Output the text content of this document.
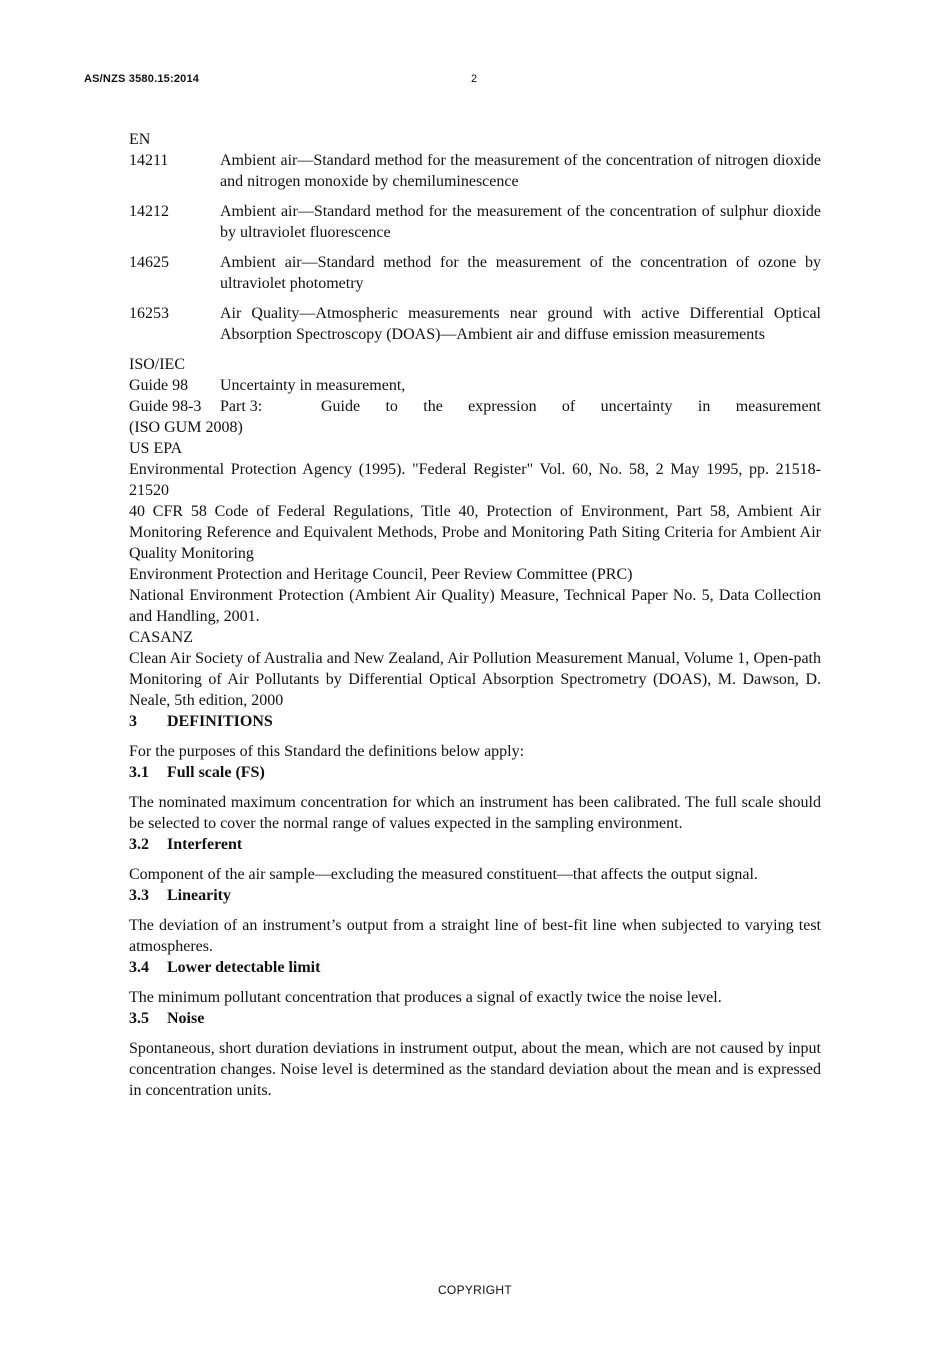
AS/NZS 3580.15:2014	2

EN

14211	Ambient air—Standard method for the measurement of the concentration of nitrogen dioxide and nitrogen monoxide by chemiluminescence
14212	Ambient air—Standard method for the measurement of the concentration of sulphur dioxide by ultraviolet fluorescence
14625	Ambient air—Standard method for the measurement of the concentration of ozone by ultraviolet photometry
16253	Air Quality—Atmospheric measurements near ground with active Differential Optical Absorption Spectroscopy (DOAS)—Ambient air and diffuse emission measurements

ISO/IEC

Guide 98	Uncertainty in measurement,
Guide 98-3	Part 3:	Guide to the expression of uncertainty in measurement
(ISO GUM 2008)

US EPA

Environmental Protection Agency (1995). "Federal Register" Vol. 60, No. 58, 2 May 1995, pp. 21518-21520

40 CFR 58 Code of Federal Regulations, Title 40, Protection of Environment, Part 58, Ambient Air Monitoring Reference and Equivalent Methods, Probe and Monitoring Path Siting Criteria for Ambient Air Quality Monitoring

Environment Protection and Heritage Council, Peer Review Committee (PRC)

National Environment Protection (Ambient Air Quality) Measure, Technical Paper No. 5, Data Collection and Handling, 2001.

CASANZ

Clean Air Society of Australia and New Zealand, Air Pollution Measurement Manual, Volume 1, Open-path Monitoring of Air Pollutants by Differential Optical Absorption Spectrometry (DOAS), M. Dawson, D. Neale, 5th edition, 2000

3 DEFINITIONS

For the purposes of this Standard the definitions below apply:

3.1 Full scale (FS)

The nominated maximum concentration for which an instrument has been calibrated. The full scale should be selected to cover the normal range of values expected in the sampling environment.

3.2 Interferent

Component of the air sample—excluding the measured constituent—that affects the output signal.

3.3 Linearity

The deviation of an instrument’s output from a straight line of best-fit line when subjected to varying test atmospheres.

3.4 Lower detectable limit

The minimum pollutant concentration that produces a signal of exactly twice the noise level.

3.5 Noise

Spontaneous, short duration deviations in instrument output, about the mean, which are not caused by input concentration changes. Noise level is determined as the standard deviation about the mean and is expressed in concentration units.

COPYRIGHT
